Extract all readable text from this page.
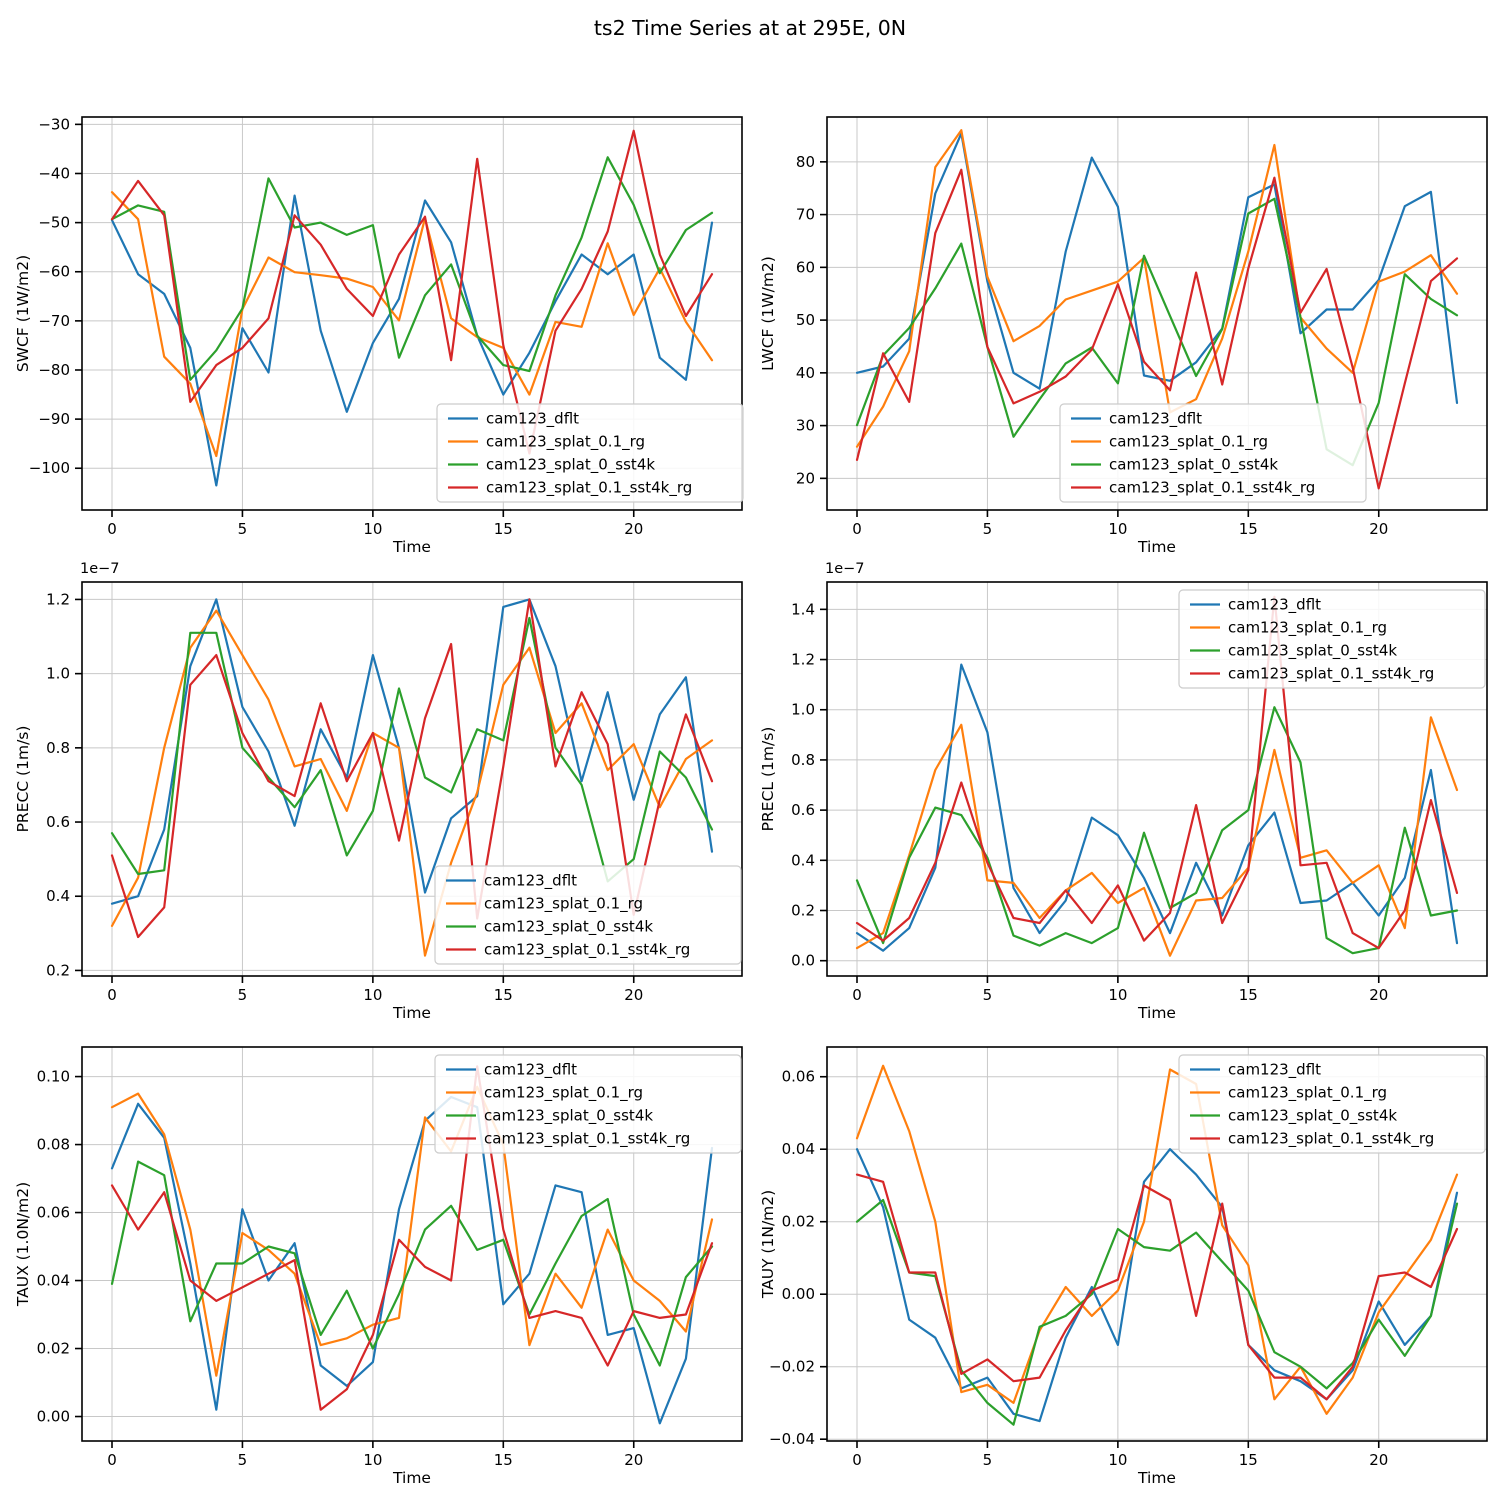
ts2 Time Series at at 295E, 0N
0	5	10	15	20
−30
−40
−50
−60
−70
−80
−90
−100
Time
SWCF (1W/m2)
cam123_dflt
cam123_splat_0.1_rg
cam123_splat_0_sst4k
cam123_splat_0.1_sst4k_rg
0	5	10	15	20
20
30
40
50
60
70
80
Time
LWCF (1W/m2)
cam123_dflt
cam123_splat_0.1_rg
cam123_splat_0_sst4k
cam123_splat_0.1_sst4k_rg
0	5	10	15	20
0.2
0.4
0.6
0.8
1.0
1.2
Time
PRECC (1m/s)
1e−7
cam123_dflt
cam123_splat_0.1_rg
cam123_splat_0_sst4k
cam123_splat_0.1_sst4k_rg
0	5	10	15	20
0.0
0.2
0.4
0.6
0.8
1.0
1.2
1.4
Time
PRECL (1m/s)
1e−7
cam123_dflt
cam123_splat_0.1_rg
cam123_splat_0_sst4k
cam123_splat_0.1_sst4k_rg
0	5	10	15	20
0.00
0.02
0.04
0.06
0.08
0.10
Time
TAUX (1.0N/m2)
cam123_dflt
cam123_splat_0.1_rg
cam123_splat_0_sst4k
cam123_splat_0.1_sst4k_rg
0	5	10	15	20
−0.04
−0.02
0.00
0.02
0.04
0.06
Time
TAUY (1N/m2)
cam123_dflt
cam123_splat_0.1_rg
cam123_splat_0_sst4k
cam123_splat_0.1_sst4k_rg
